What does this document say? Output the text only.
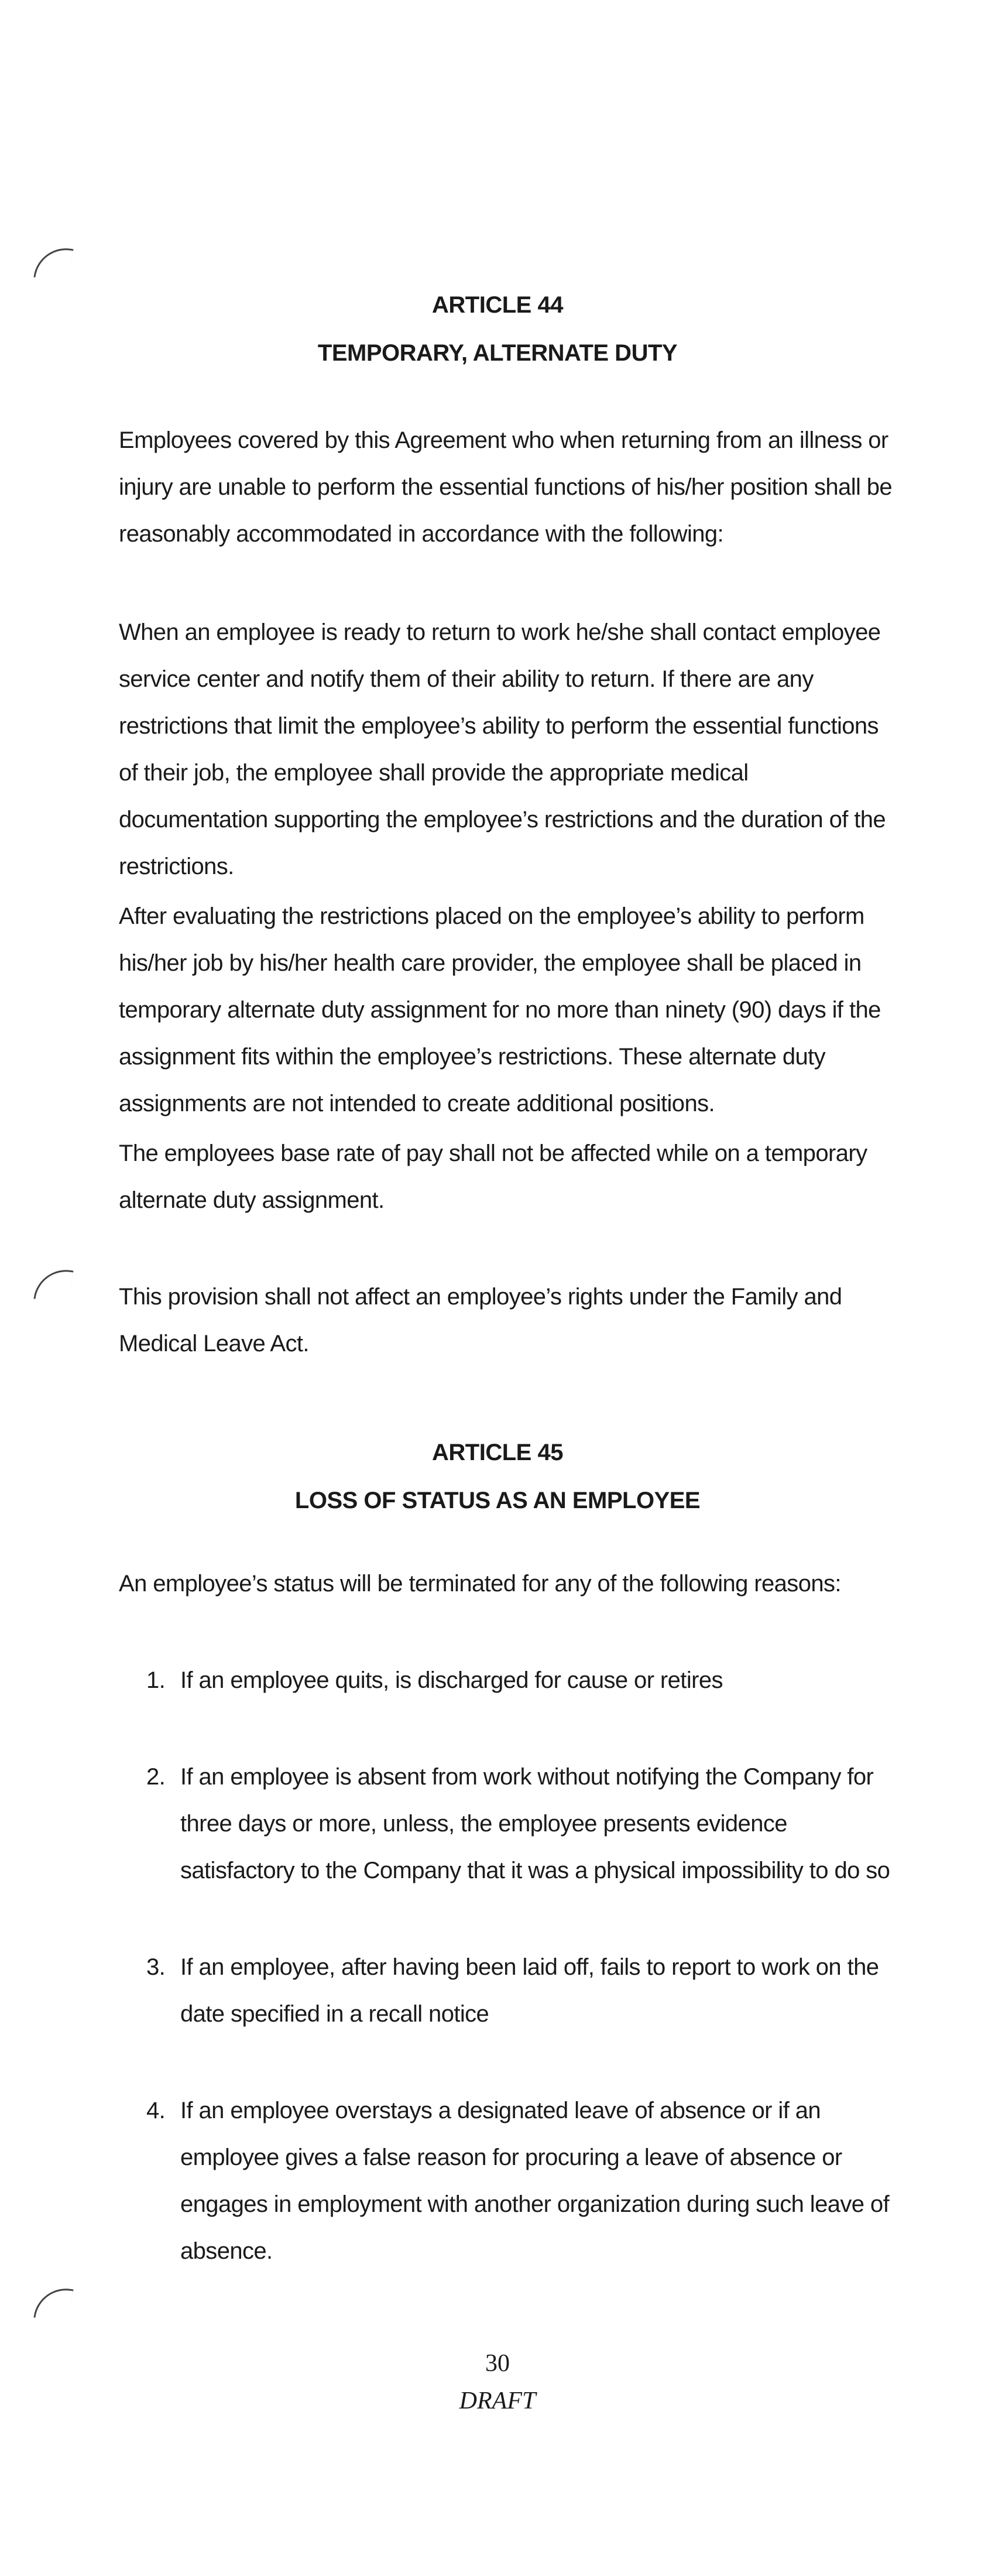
ARTICLE 44
TEMPORARY, ALTERNATE DUTY

Employees covered by this Agreement who when returning from an illness or injury are unable to perform the essential functions of his/her position shall be reasonably accommodated in accordance with the following:

When an employee is ready to return to work he/she shall contact employee service center and notify them of their ability to return. If there are any restrictions that limit the employee’s ability to perform the essential functions of their job, the employee shall provide the appropriate medical documentation supporting the employee’s restrictions and the duration of the restrictions.

After evaluating the restrictions placed on the employee’s ability to perform his/her job by his/her health care provider, the employee shall be placed in temporary alternate duty assignment for no more than ninety (90) days if the assignment fits within the employee’s restrictions. These alternate duty assignments are not intended to create additional positions.

The employees base rate of pay shall not be affected while on a temporary alternate duty assignment.

This provision shall not affect an employee’s rights under the Family and Medical Leave Act.

ARTICLE 45
LOSS OF STATUS AS AN EMPLOYEE

An employee’s status will be terminated for any of the following reasons:

1. If an employee quits, is discharged for cause or retires
2. If an employee is absent from work without notifying the Company for three days or more, unless, the employee presents evidence satisfactory to the Company that it was a physical impossibility to do so
3. If an employee, after having been laid off, fails to report to work on the date specified in a recall notice
4. If an employee overstays a designated leave of absence or if an employee gives a false reason for procuring a leave of absence or engages in employment with another organization during such leave of absence.
30
DRAFT
